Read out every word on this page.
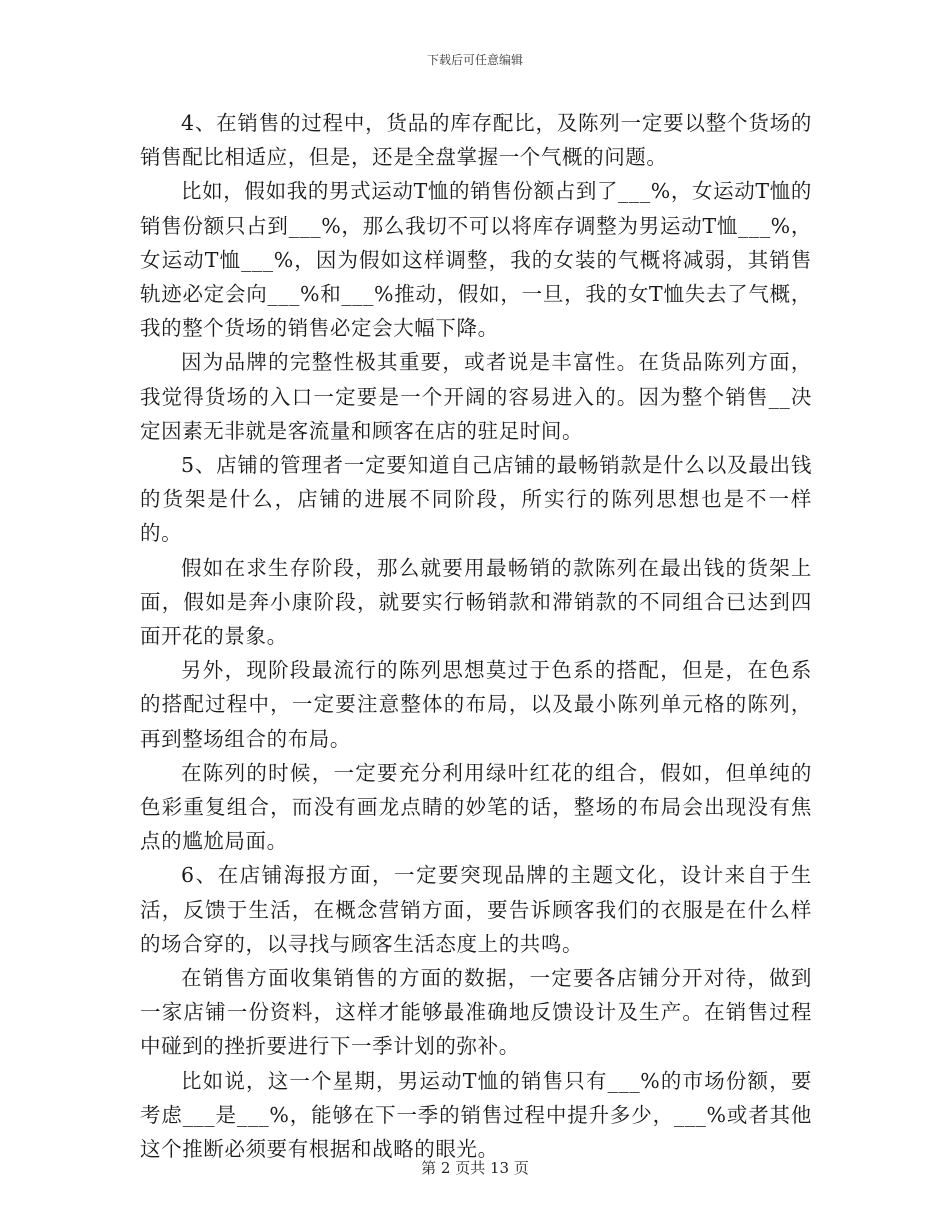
下载后可任意编辑

4、在销售的过程中，货品的库存配比，及陈列一定要以整个货场的销售配比相适应，但是，还是全盘掌握一个气概的问题。

比如，假如我的男式运动T恤的销售份额占到了___%，女运动T恤的销售份额只占到___%，那么我切不可以将库存调整为男运动T恤___%，女运动T恤___%，因为假如这样调整，我的女装的气概将减弱，其销售轨迹必定会向___%和___%推动，假如，一旦，我的女T恤失去了气概，我的整个货场的销售必定会大幅下降。

因为品牌的完整性极其重要，或者说是丰富性。在货品陈列方面，我觉得货场的入口一定要是一个开阔的容易进入的。因为整个销售__决定因素无非就是客流量和顾客在店的驻足时间。

5、店铺的管理者一定要知道自己店铺的最畅销款是什么以及最出钱的货架是什么，店铺的进展不同阶段，所实行的陈列思想也是不一样的。

假如在求生存阶段，那么就要用最畅销的款陈列在最出钱的货架上面，假如是奔小康阶段，就要实行畅销款和滞销款的不同组合已达到四面开花的景象。

另外，现阶段最流行的陈列思想莫过于色系的搭配，但是，在色系的搭配过程中，一定要注意整体的布局，以及最小陈列单元格的陈列，再到整场组合的布局。

在陈列的时候，一定要充分利用绿叶红花的组合，假如，但单纯的色彩重复组合，而没有画龙点睛的妙笔的话，整场的布局会出现没有焦点的尴尬局面。

6、在店铺海报方面，一定要突现品牌的主题文化，设计来自于生活，反馈于生活，在概念营销方面，要告诉顾客我们的衣服是在什么样的场合穿的，以寻找与顾客生活态度上的共鸣。

在销售方面收集销售的方面的数据，一定要各店铺分开对待，做到一家店铺一份资料，这样才能够最准确地反馈设计及生产。在销售过程中碰到的挫折要进行下一季计划的弥补。

比如说，这一个星期，男运动T恤的销售只有___%的市场份额，要考虑___是___%，能够在下一季的销售过程中提升多少，___%或者其他这个推断必须要有根据和战略的眼光。

第 2 页共 13 页
